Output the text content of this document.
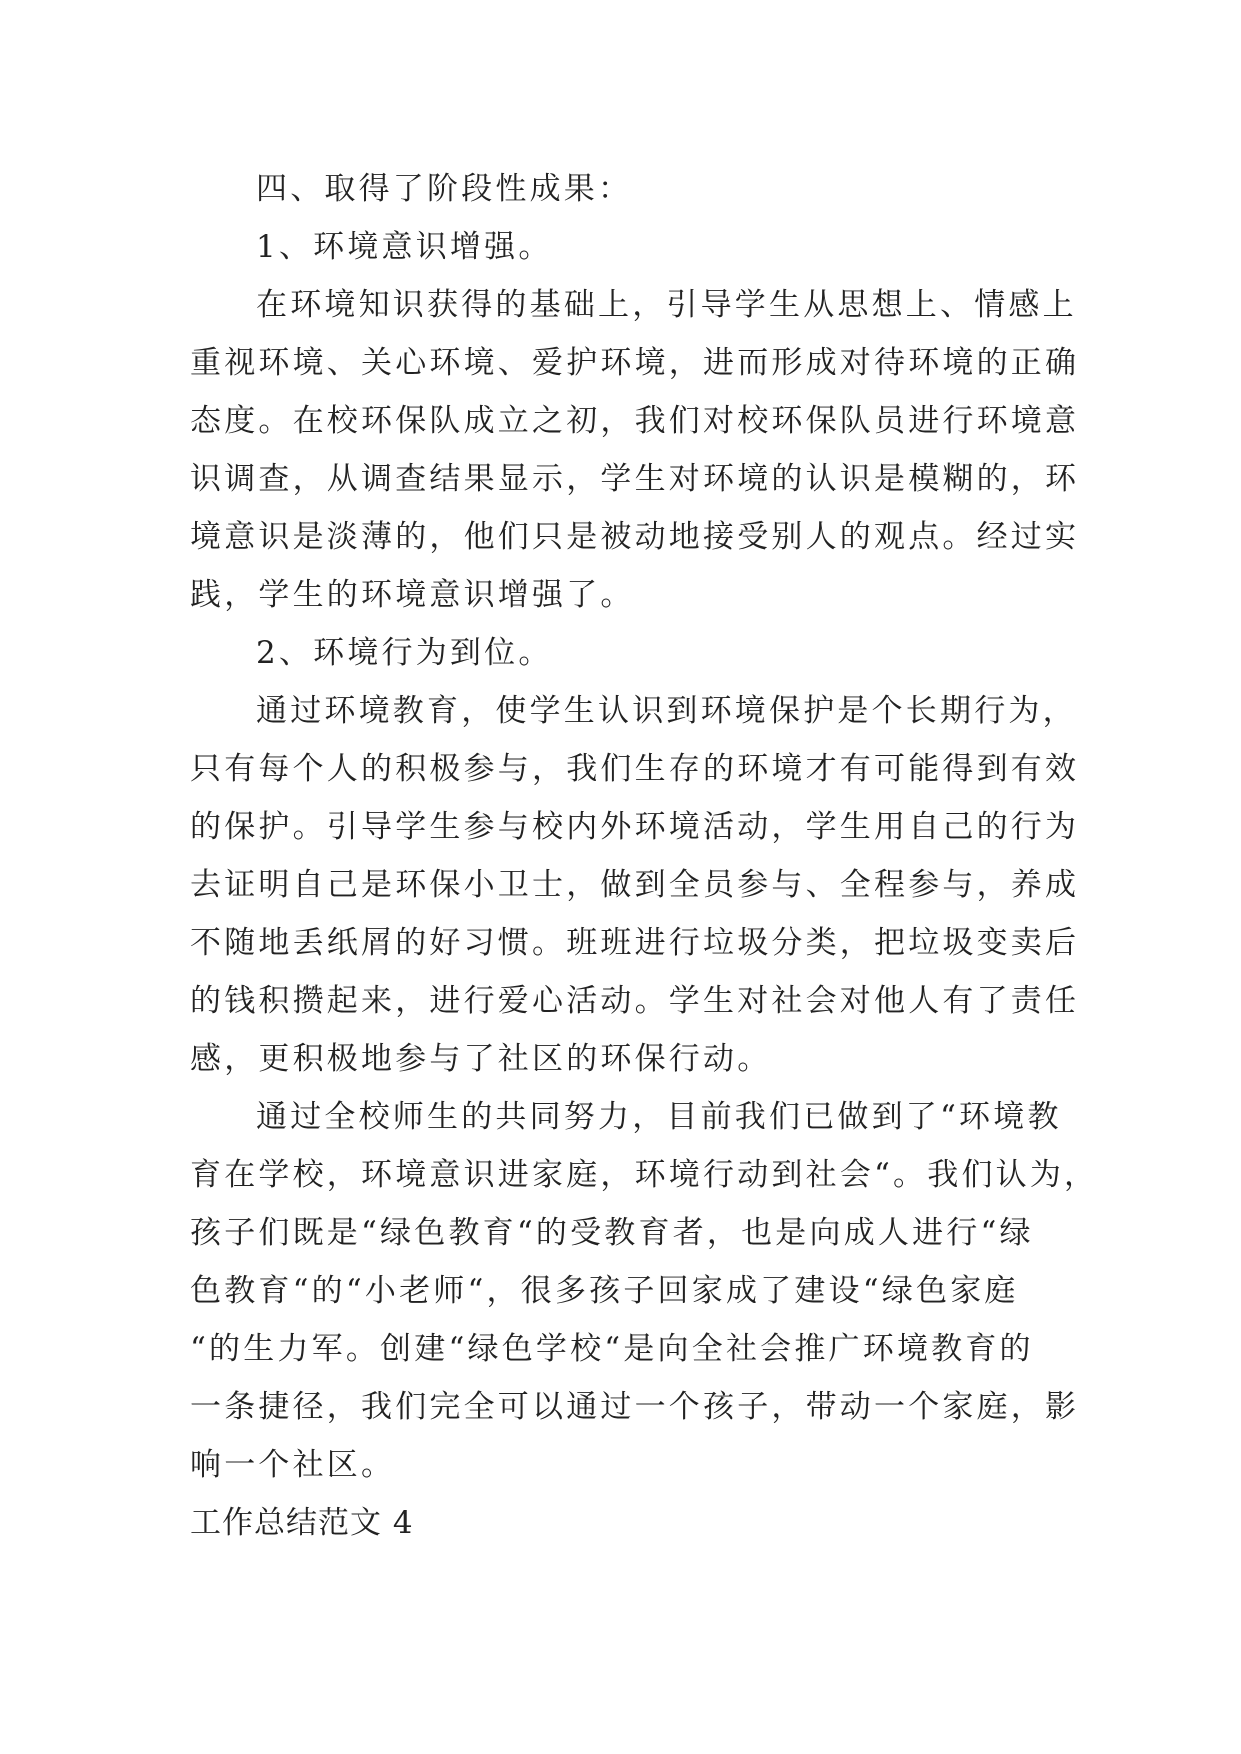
四、取得了阶段性成果：

1、环境意识增强。

在环境知识获得的基础上，引导学生从思想上、情感上

重视环境、关心环境、爱护环境，进而形成对待环境的正确

态度。在校环保队成立之初，我们对校环保队员进行环境意

识调查，从调查结果显示，学生对环境的认识是模糊的，环

境意识是淡薄的，他们只是被动地接受别人的观点。经过实

践，学生的环境意识增强了。

2、环境行为到位。

通过环境教育，使学生认识到环境保护是个长期行为，

只有每个人的积极参与，我们生存的环境才有可能得到有效

的保护。引导学生参与校内外环境活动，学生用自己的行为

去证明自己是环保小卫士，做到全员参与、全程参与，养成

不随地丢纸屑的好习惯。班班进行垃圾分类，把垃圾变卖后

的钱积攒起来，进行爱心活动。学生对社会对他人有了责任

感，更积极地参与了社区的环保行动。

通过全校师生的共同努力，目前我们已做到了“环境教

育在学校，环境意识进家庭，环境行动到社会“。我们认为，

孩子们既是“绿色教育“的受教育者，也是向成人进行“绿

色教育“的“小老师“，很多孩子回家成了建设“绿色家庭

“的生力军。创建“绿色学校“是向全社会推广环境教育的

一条捷径，我们完全可以通过一个孩子，带动一个家庭，影

响一个社区。

工作总结范文 4
